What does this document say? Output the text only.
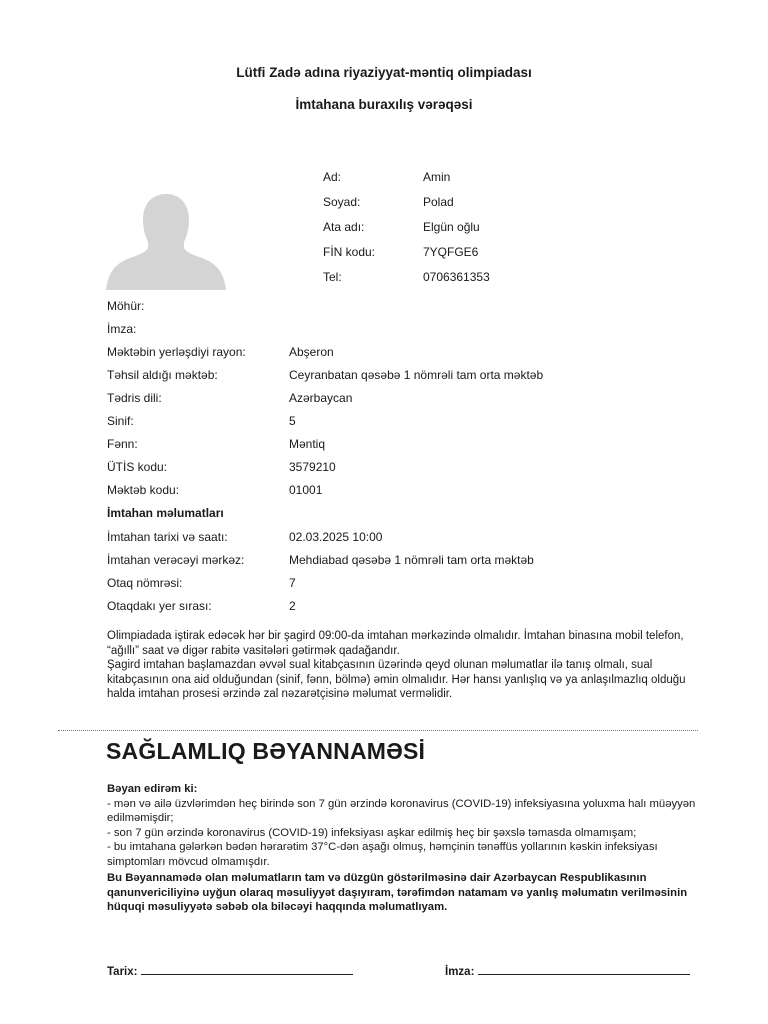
Lütfi Zadə adına riyaziyyat-məntiq olimpiadası
İmtahana buraxılış vərəqəsi
Ad:	Amin
Soyad:	Polad
Ata adı:	Elgün oğlu
FİN kodu:	7YQFGE6
Tel:	0706361353
Möhür:
İmza:
Məktəbin yerləşdiyi rayon:	Abşeron
Təhsil aldığı məktəb:	Ceyranbatan qəsəbə 1 nömrəli tam orta məktəb
Tədris dili:	Azərbaycan
Sinif:	5
Fənn:	Məntiq
ÜTİS kodu:	3579210
Məktəb kodu:	01001
İmtahan məlumatları
İmtahan tarixi və saatı:	02.03.2025 10:00
İmtahan verəcəyi mərkəz:	Mehdiabad qəsəbə 1 nömrəli tam orta məktəb
Otaq nömrəsi:	7
Otaqdakı yer sırası:	2

Olimpiadada iştirak edəcək hər bir şagird 09:00-da imtahan mərkəzində olmalıdır. İmtahan binasına mobil telefon, “ağıllı” saat və digər rabitə vasitələri gətirmək qadağandır.

Şagird imtahan başlamazdan əvvəl sual kitabçasının üzərində qeyd olunan məlumatlar ilə tanış olmalı, sual kitabçasının ona aid olduğundan (sinif, fənn, bölmə) əmin olmalıdır. Hər hansı yanlışlıq və ya anlaşılmazlıq olduğu halda imtahan prosesi ərzində zal nəzarətçisinə məlumat verməlidir.

SAĞLAMLIQ BƏYANNAMƏSİ

Bəyan edirəm ki:

- mən və ailə üzvlərimdən heç birində son 7 gün ərzində koronavirus (COVID-19) infeksiyasına yoluxma halı müəyyən edilməmişdir;

- son 7 gün ərzində koronavirus (COVID-19) infeksiyası aşkar edilmiş heç bir şəxslə təmasda olmamışam;

- bu imtahana gələrkən bədən hərarətim 37°C-dən aşağı olmuş, həmçinin tənəffüs yollarının kəskin infeksiyası simptomları mövcud olmamışdır.

Bu Bəyannamədə olan məlumatların tam və düzgün göstərilməsinə dair Azərbaycan Respublikasının qanunvericiliyinə uyğun olaraq məsuliyyət daşıyıram, tərəfimdən natamam və yanlış məlumatın verilməsinin hüquqi məsuliyyətə səbəb ola biləcəyi haqqında məlumatlıyam.

Tarix:	İmza:
